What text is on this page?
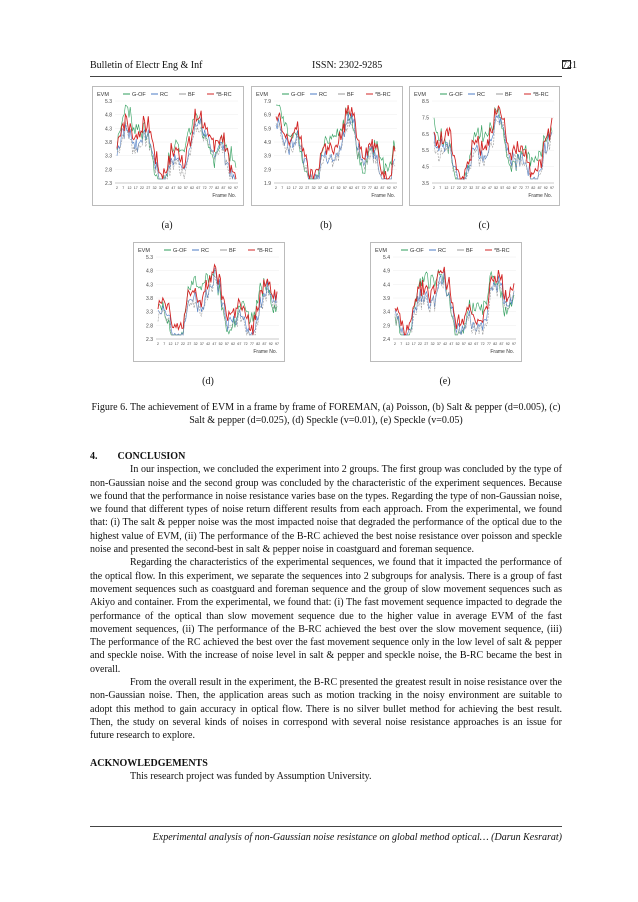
Bulletin of Electr Eng & Inf	ISSN: 2302-9285	721
EVM	G-OF	RC	BF	*B-RC
5.3
4.8
4.3
3.8
3.3
2.8
2.3
2 7 12 17 22 27 32 37 42 47 52 57 62 67 72 77 82 87 92 97
Frame No.
EVM	G-OF	RC	BF	*B-RC
7.9
6.9
5.9
4.9
3.9
2.9
1.9
2 7 12 17 22 27 32 37 42 47 52 57 62 67 72 77 82 87 92 97
Frame No.
EVM	G-OF	RC	BF	*B-RC
8.5
7.5
6.5
5.5
4.5
3.5
2 7 12 17 22 27 32 37 42 47 52 57 62 67 72 77 82 87 92 97
Frame No.
EVM	G-OF	RC	BF	*B-RC
5.3
4.8
4.3
3.8
3.3
2.8
2.3
2 7 12 17 22 27 32 37 42 47 52 57 62 67 72 77 82 87 92 97
Frame No.
EVM	G-OF	RC	BF	*B-RC
5.4
4.9
4.4
3.9
3.4
2.9
2.4
2 7 12 17 22 27 32 37 42 47 52 57 62 67 72 77 82 87 92 97
Frame No.
(a)	(b)	(c)
(d)	(e)
Figure 6. The achievement of EVM in a frame by frame of FOREMAN, (a) Poisson, (b) Salt & pepper (d=0.005), (c) Salt & pepper (d=0.025), (d) Speckle (v=0.01), (e) Speckle (v=0.05)
4.  CONCLUSION

In our inspection, we concluded the experiment into 2 groups. The first group was concluded by the type of non-Gaussian noise and the second group was concluded by the characteristic of the experiment sequences. Because we found that the performance in noise resistance varies base on the types. Regarding the type of non-Gaussian noise, we found that different types of noise return different results from each approach. From the experimental, we found that: (i) The salt & pepper noise was the most impacted noise that degraded the performance of the optical due to the highest value of EVM, (ii) The performance of the B-RC achieved the best noise resistance over poisson and speckle noise and presented the second-best in salt & pepper noise in coastguard and foreman sequence.

Regarding the characteristics of the experimental sequences, we found that it impacted the performance of the optical flow. In this experiment, we separate the sequences into 2 subgroups for analysis. There is a group of fast movement sequences such as coastguard and foreman sequence and the group of slow movement sequences such as Akiyo and container. From the experimental, we found that: (i) The fast movement sequence impacted to degrade the performance of the optical than slow movement sequence due to the higher value in average EVM of the fast movement sequences, (ii) The performance of the B-RC achieved the best over the slow movement sequence, (iii) The performance of the RC achieved the best over the fast movement sequence only in the low level of salt & pepper and speckle noise. With the increase of noise level in salt & pepper and speckle noise, the B-RC became the best in overall.

From the overall result in the experiment, the B-RC presented the greatest result in noise resistance over the non-Gaussian noise. Then, the application areas such as motion tracking in the noisy environment are suitable to adopt this method to gain accuracy in optical flow. There is no silver bullet method for achieving the best result. Then, the study on several kinds of noises in correspond with several noise resistance approaches is an issue for future research to explore.

ACKNOWLEDGEMENTS

This research project was funded by Assumption University.

Experimental analysis of non-Gaussian noise resistance on global method optical… (Darun Kesrarat)
